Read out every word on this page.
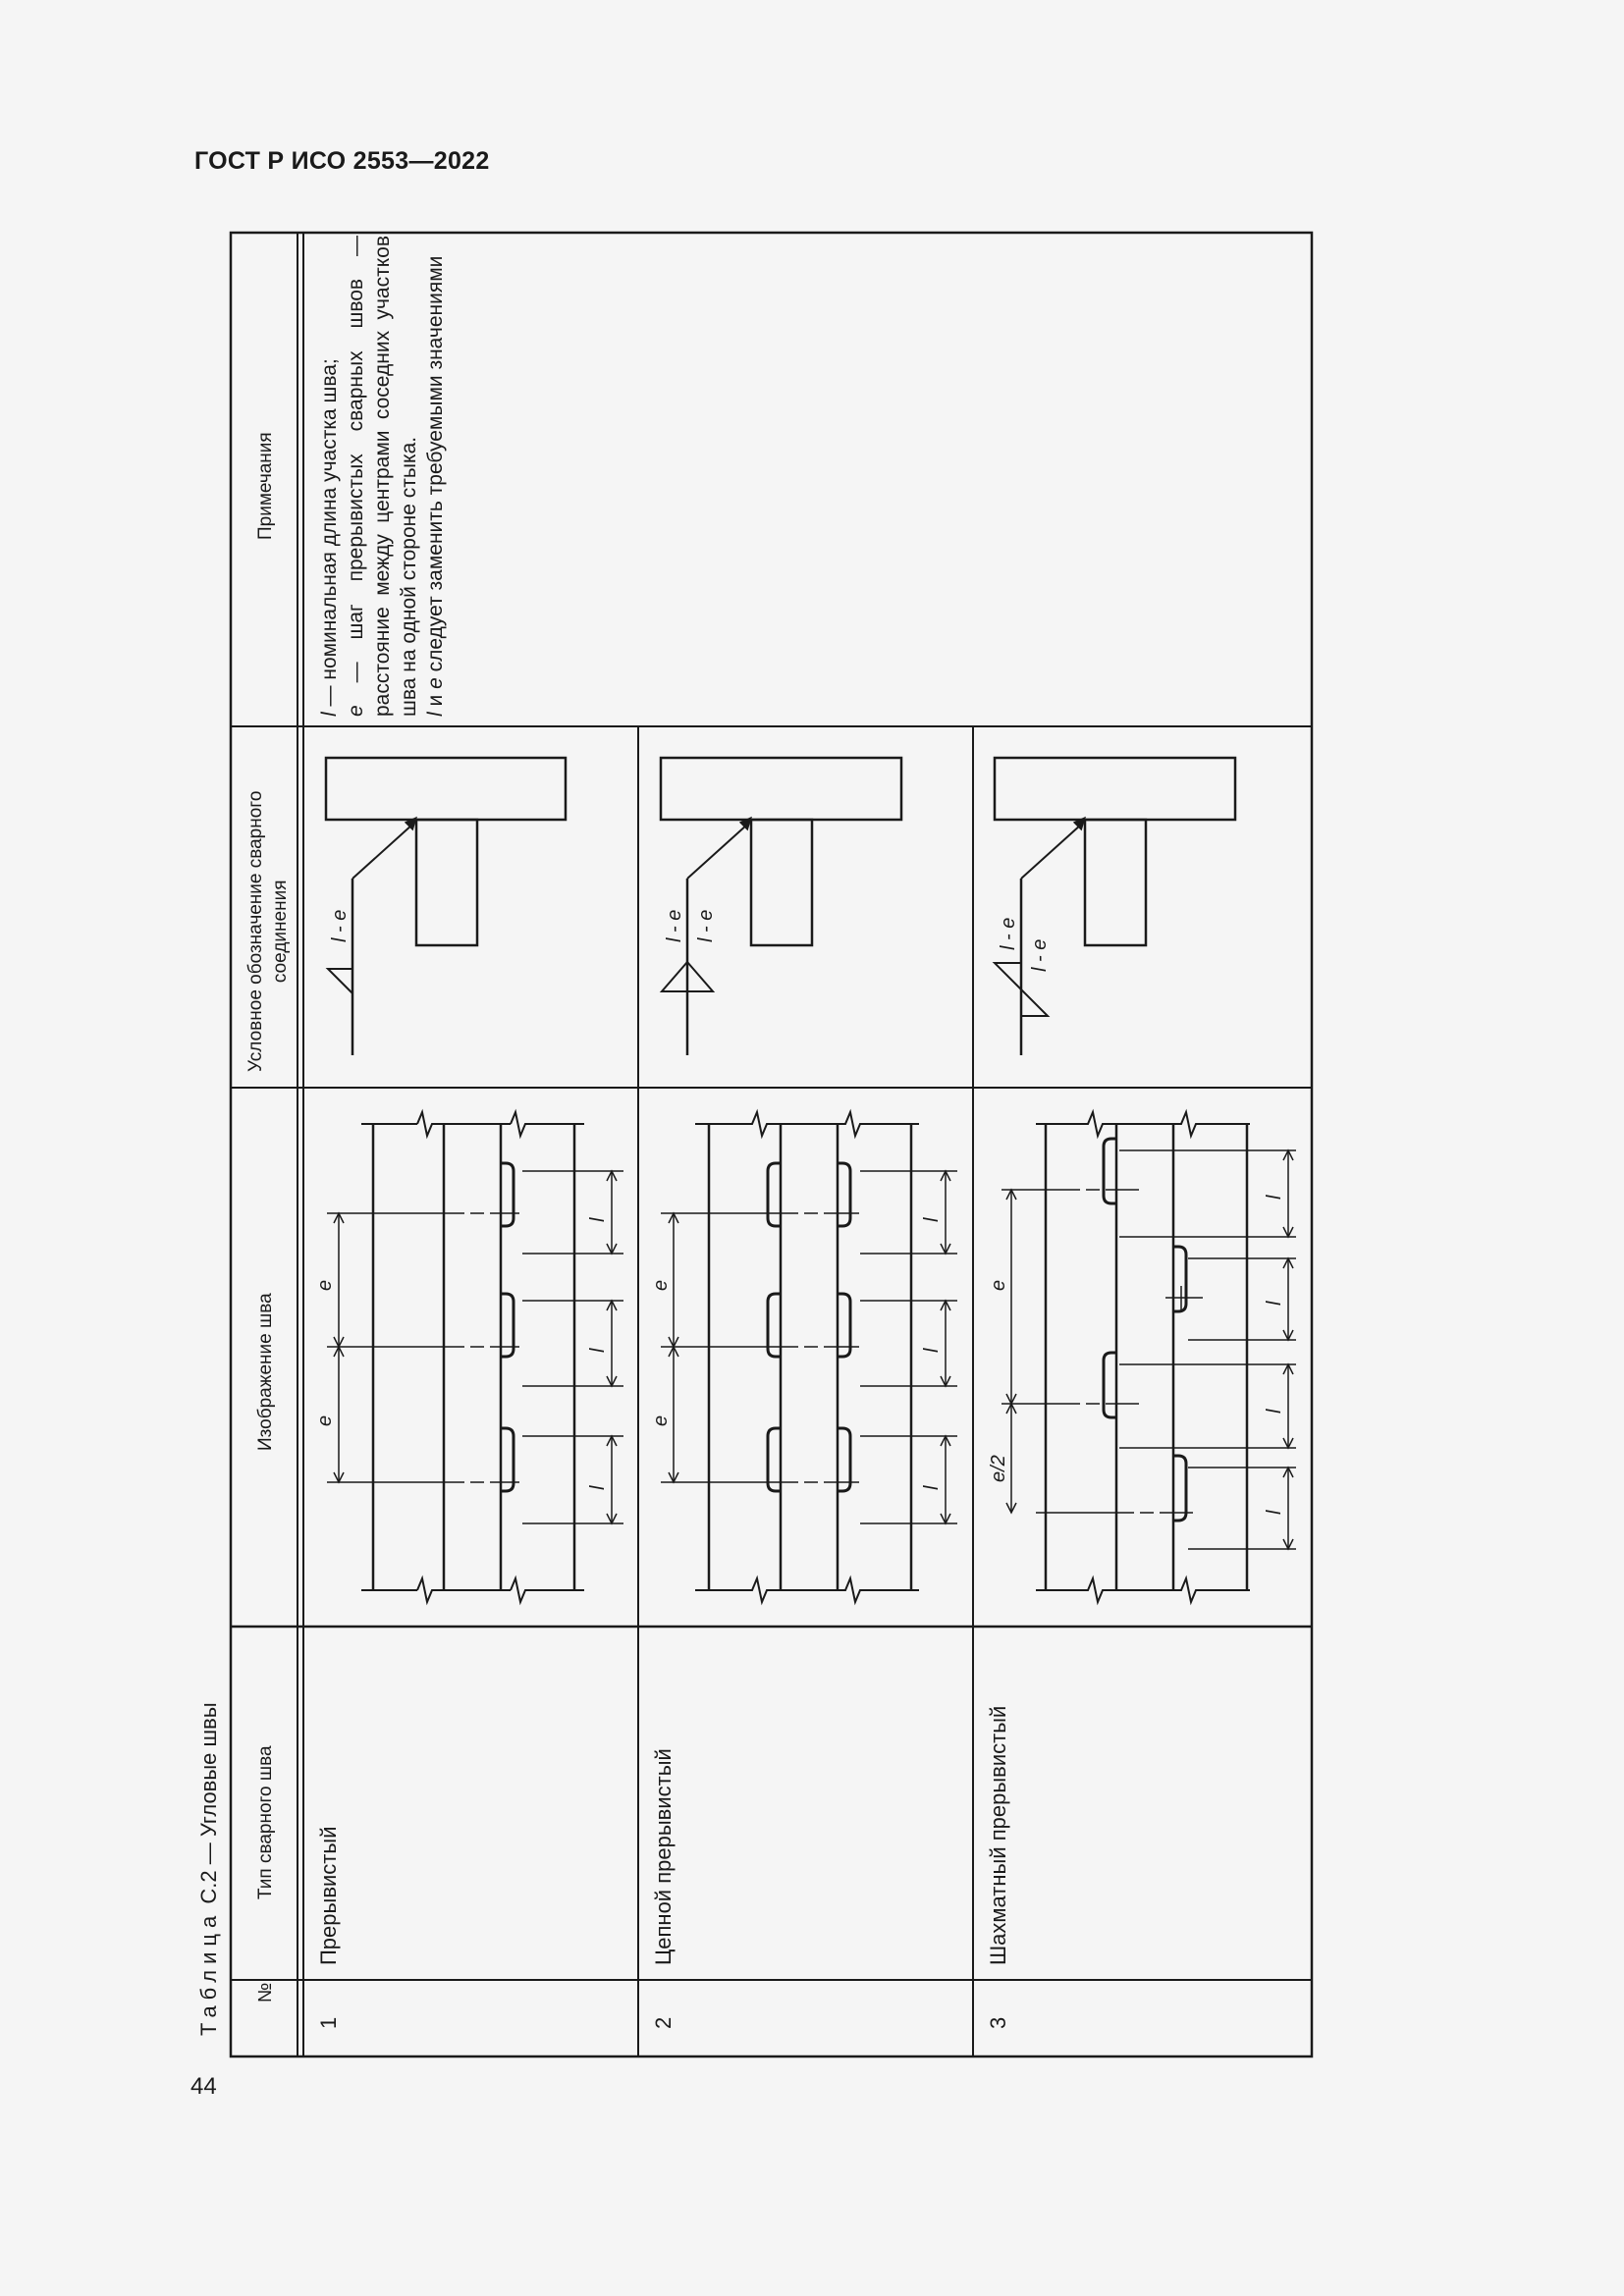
ГОСТ Р ИСО 2553—2022
Таблица С.2 — Угловые швы
№
Тип сварного шва
Изображение шва
Условное обозначение сварного соединения
Примечания
1
Прерывистый
2
Цепной прерывистый
3
Шахматный прерывистый

l — номинальная длина участка шва; e — шаг прерывистых сварных швов — расстояние между центрами соседних участков шва на одной стороне стыка. l и e следует заменить требуемыми значениями

e
e
l
l
l
l - e
e
e
l
l
l
l - e l - e
e
e/2
l
l
l
l
l - e
l - e
44
